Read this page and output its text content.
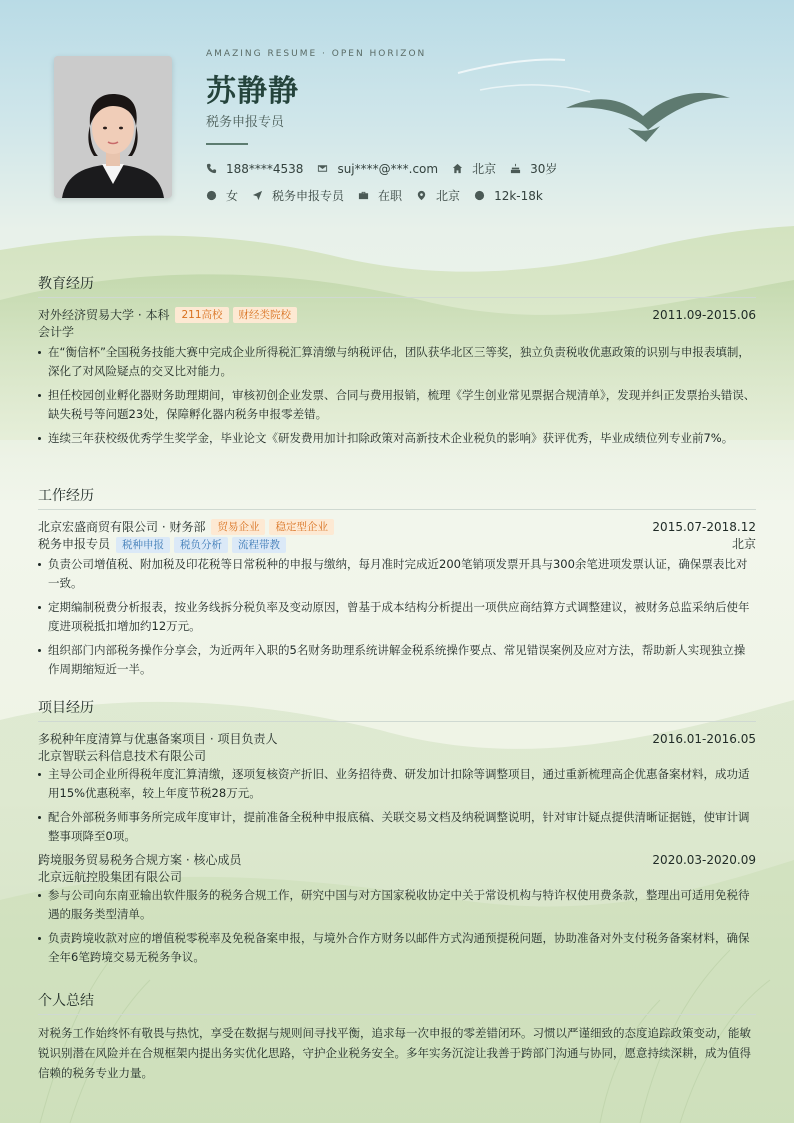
AMAZING RESUME · OPEN HORIZON
苏静静
税务申报专员
188****4538	suj****@***.com	北京	30岁
女	税务申报专员	在职	北京	12k-18k
教育经历
对外经济贸易大学 · 本科	211高校	财经类院校	2011.09-2015.06
会计学
在“衡信杯”全国税务技能大赛中完成企业所得税汇算清缴与纳税评估，团队获华北区三等奖，独立负责税收优惠政策的识别与申报表填制，深化了对风险疑点的交叉比对能力。
担任校园创业孵化器财务助理期间，审核初创企业发票、合同与费用报销，梳理《学生创业常见票据合规清单》，发现并纠正发票抬头错误、缺失税号等问题23处，保障孵化器内税务申报零差错。
连续三年获校级优秀学生奖学金，毕业论文《研发费用加计扣除政策对高新技术企业税负的影响》获评优秀，毕业成绩位列专业前7%。
工作经历
北京宏盛商贸有限公司 · 财务部	贸易企业	稳定型企业	2015.07-2018.12
税务申报专员	税种申报	税负分析	流程带教	北京
负责公司增值税、附加税及印花税等日常税种的申报与缴纳，每月准时完成近200笔销项发票开具与300余笔进项发票认证，确保票表比对一致。
定期编制税费分析报表，按业务线拆分税负率及变动原因，曾基于成本结构分析提出一项供应商结算方式调整建议，被财务总监采纳后使年度进项税抵扣增加约12万元。
组织部门内部税务操作分享会，为近两年入职的5名财务助理系统讲解金税系统操作要点、常见错误案例及应对方法，帮助新人实现独立操作周期缩短近一半。
项目经历
多税种年度清算与优惠备案项目 · 项目负责人	2016.01-2016.05
北京智联云科信息技术有限公司
主导公司企业所得税年度汇算清缴，逐项复核资产折旧、业务招待费、研发加计扣除等调整项目，通过重新梳理高企优惠备案材料，成功适用15%优惠税率，较上年度节税28万元。
配合外部税务师事务所完成年度审计，提前准备全税种申报底稿、关联交易文档及纳税调整说明，针对审计疑点提供清晰证据链，使审计调整事项降至0项。
跨境服务贸易税务合规方案 · 核心成员	2020.03-2020.09
北京远航控股集团有限公司
参与公司向东南亚输出软件服务的税务合规工作，研究中国与对方国家税收协定中关于常设机构与特许权使用费条款，整理出可适用免税待遇的服务类型清单。
负责跨境收款对应的增值税零税率及免税备案申报，与境外合作方财务以邮件方式沟通预提税问题，协助准备对外支付税务备案材料，确保全年6笔跨境交易无税务争议。
个人总结
对税务工作始终怀有敬畏与热忱，享受在数据与规则间寻找平衡，追求每一次申报的零差错闭环。习惯以严谨细致的态度追踪政策变动，能敏锐识别潜在风险并在合规框架内提出务实优化思路，守护企业税务安全。多年实务沉淀让我善于跨部门沟通与协同，愿意持续深耕，成为值得信赖的税务专业力量。
